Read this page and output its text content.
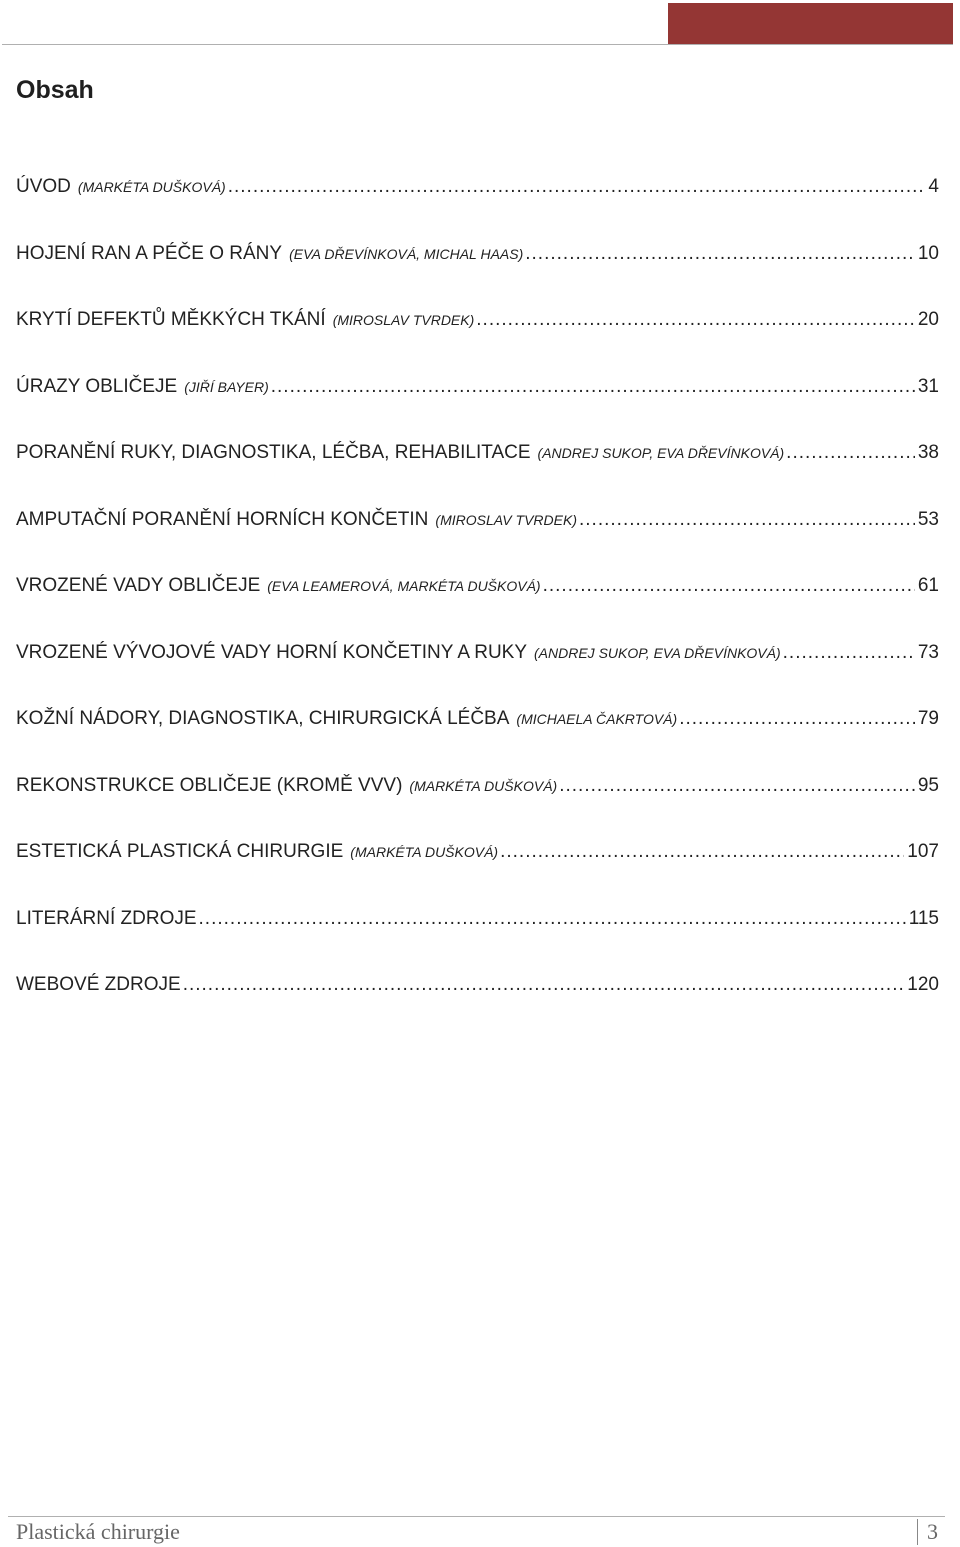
Obsah
ÚVOD (MARKÉTA DUŠKOVÁ) .....	4
HOJENÍ RAN A PÉČE O RÁNY (EVA DŘEVÍNKOVÁ, MICHAL HAAS) .....	10
KRYTÍ DEFEKTŮ MĚKKÝCH TKÁNÍ (MIROSLAV TVRDEK) .....	20
ÚRAZY OBLIČEJE (JIŘÍ BAYER) .....	31
PORANĚNÍ RUKY, DIAGNOSTIKA, LÉČBA, REHABILITACE (ANDREJ SUKOP, EVA DŘEVÍNKOVÁ) .....	38
AMPUTAČNÍ PORANĚNÍ HORNÍCH KONČETIN (MIROSLAV TVRDEK) .....	53
VROZENÉ VADY OBLIČEJE (EVA LEAMEROVÁ, MARKÉTA DUŠKOVÁ) .....	61
VROZENÉ VÝVOJOVÉ VADY HORNÍ KONČETINY A RUKY (ANDREJ SUKOP, EVA DŘEVÍNKOVÁ) .....	73
KOŽNÍ NÁDORY, DIAGNOSTIKA, CHIRURGICKÁ LÉČBA (MICHAELA ČAKRTOVÁ) .....	79
REKONSTRUKCE OBLIČEJE (KROMĚ VVV) (MARKÉTA DUŠKOVÁ) .....	95
ESTETICKÁ PLASTICKÁ CHIRURGIE (MARKÉTA DUŠKOVÁ) .....	107
LITERÁRNÍ ZDROJE .....	115
WEBOVÉ ZDROJE .....	120
Plastická chirurgie	3
